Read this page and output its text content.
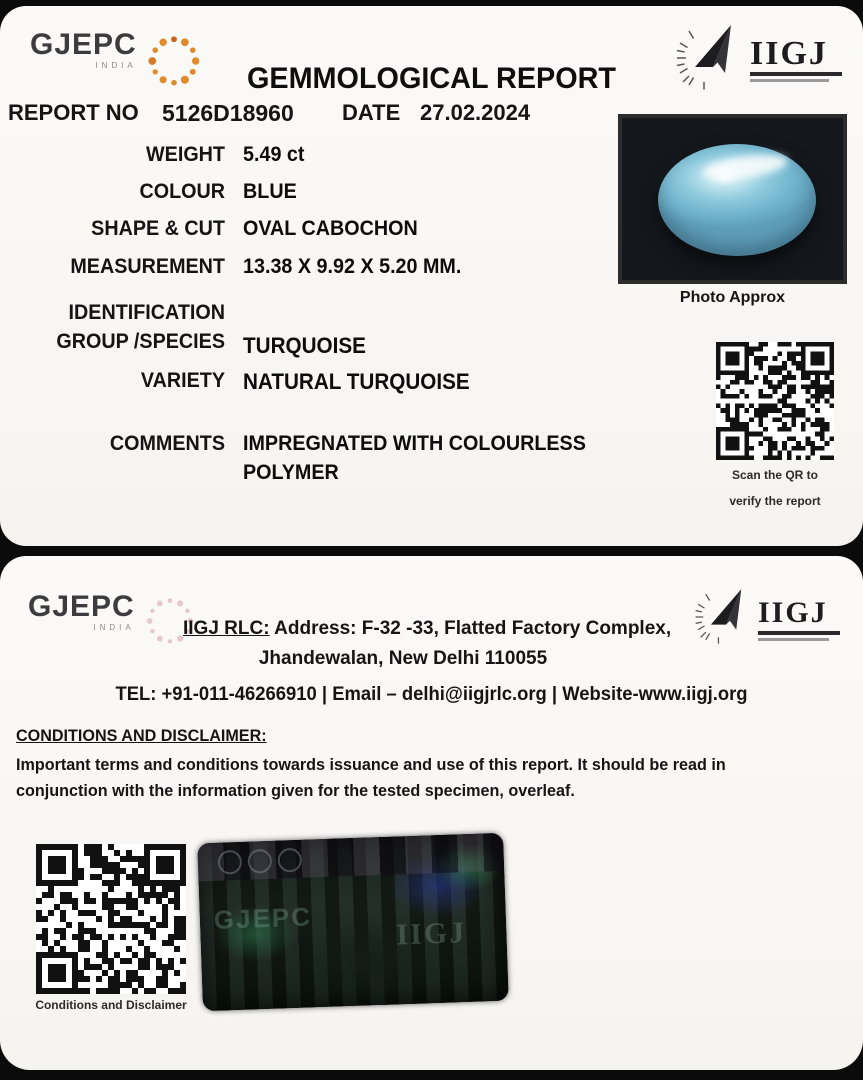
GJEPC
INDIA	IIGJ
GEMMOLOGICAL REPORT
REPORT NO 5126D18960 DATE 27.02.2024
WEIGHT 5.49 ct
COLOUR BLUE
SHAPE & CUT OVAL CABOCHON
MEASUREMENT 13.38 X 9.92 X 5.20 MM.
IDENTIFICATION
GROUP /SPECIES TURQUOISE
VARIETY NATURAL TURQUOISE
COMMENTS IMPREGNATED WITH COLOURLESS
POLYMER
Photo Approx
Scan the QR to
verify the report
GJEPC
INDIA	IIGJ
IIGJ RLC: Address: F-32 -33, Flatted Factory Complex,
Jhandewalan, New Delhi 110055
TEL: +91-011-46266910 | Email – delhi@iigjrlc.org | Website-www.iigj.org
CONDITIONS AND DISCLAIMER:
Important terms and conditions towards issuance and use of this report. It should be read in conjunction with the information given for the tested specimen, overleaf.
Conditions and Disclaimer
GJEPC	IIGJ
